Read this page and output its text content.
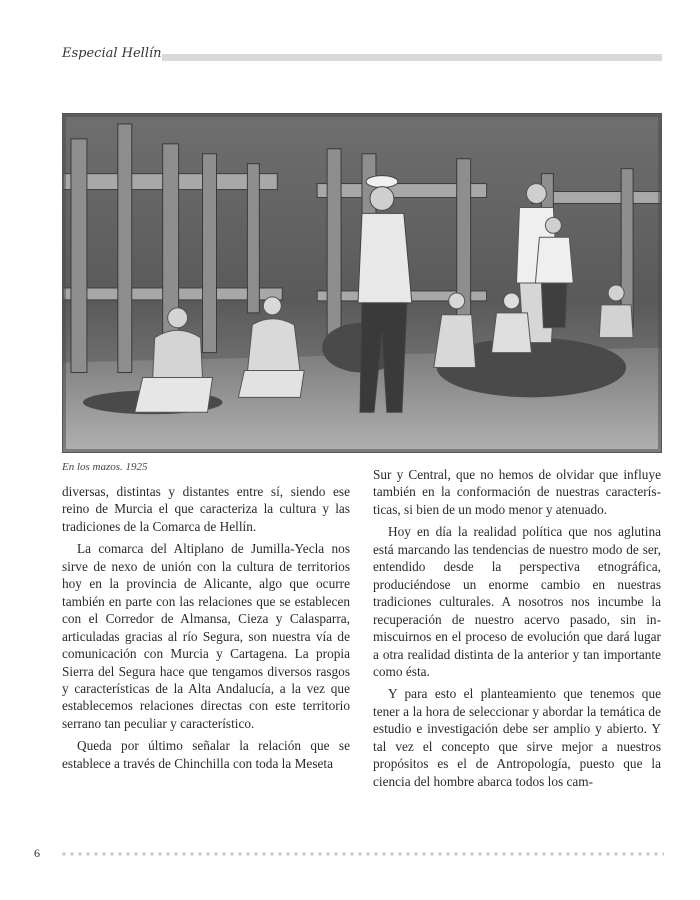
Especial Hellín
En los mazos. 1925

diversas, distintas y distantes entre sí, siendo ese reino de Murcia el que caracteriza la cultura y las tradiciones de la Comarca de Hellín.

La comarca del Altiplano de Jumilla-Yecla nos sirve de nexo de unión con la cultura de territorios hoy en la provincia de Alicante, algo que ocurre también en parte con las relaciones que se establecen con el Corredor de Almansa, Cieza y Calasparra, articuladas gracias al río Segura, son nuestra vía de comunicación con Murcia y Cartagena. La propia Sierra del Segura hace que tengamos diversos rasgos y características de la Alta Andalucía, a la vez que establecemos relaciones directas con este territorio serrano tan peculiar y característico.

Queda por último señalar la relación que se establece a través de Chinchilla con toda la Meseta

Sur y Central, que no hemos de olvidar que influye también en la conformación de nuestras características, si bien de un modo menor y atenuado.

Hoy en día la realidad política que nos aglutina está marcando las tendencias de nuestro modo de ser, entendido desde la perspectiva etnográfica, produciéndose un enorme cambio en nuestras tradiciones culturales. A nosotros nos incumbe la recuperación de nuestro acervo pasado, sin inmiscuirnos en el proceso de evolución que dará lugar a otra realidad distinta de la anterior y tan importante como ésta.

Y para esto el planteamiento que tenemos que tener a la hora de seleccionar y abordar la temática de estudio e investigación debe ser amplio y abierto. Y tal vez el concepto que sirve mejor a nuestros propósitos es el de Antropología, puesto que la ciencia del hombre abarca todos los cam-

6
